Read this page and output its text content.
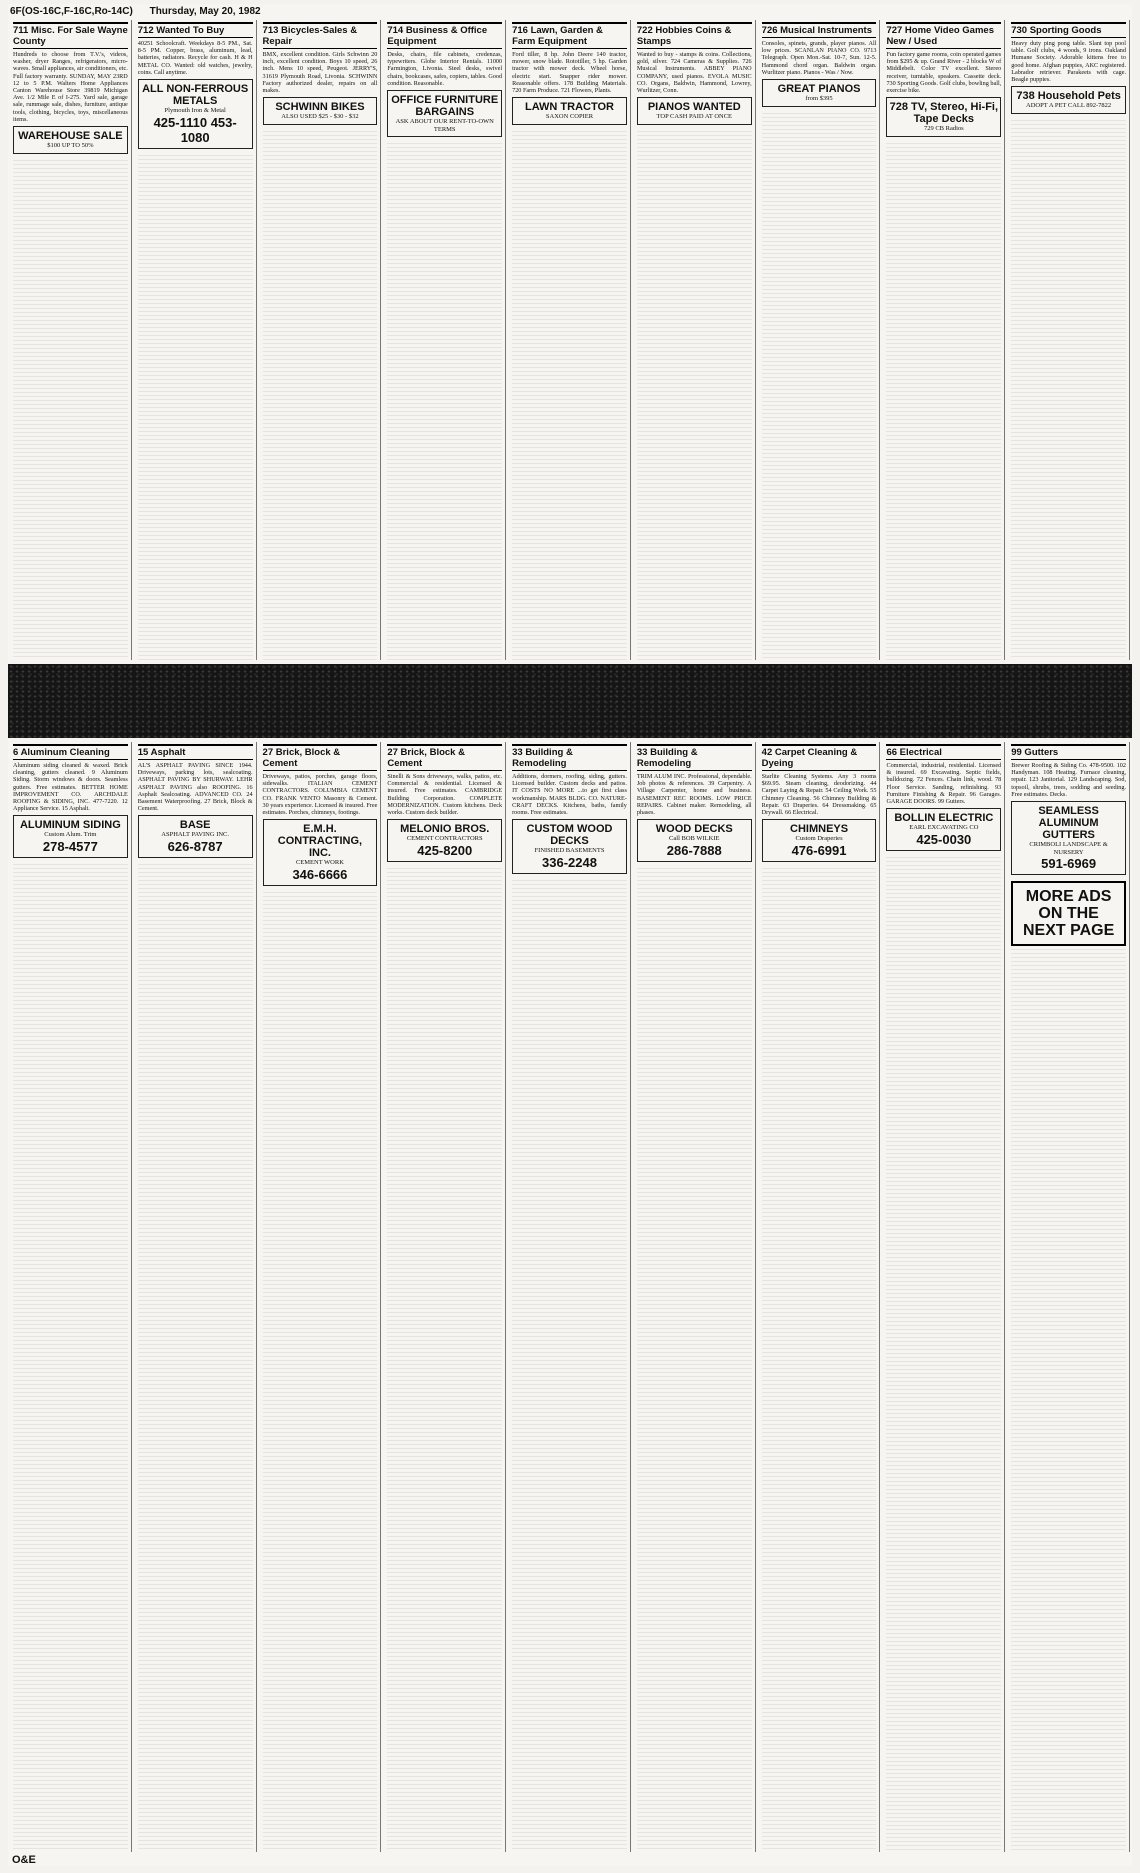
6F(OS-16C,F-16C,Ro-14C) Thursday, May 20, 1982
711 Misc. For Sale Wayne County
Hundreds to choose from T.V.'s, videos, washer, dryer Ranges, refrigerators, micro-waves. Small appliances, air conditioners, etc. Full factory warranty. SUNDAY, MAY 23RD 12 to 5 P.M. Walters Home Appliances Canton Warehouse Store 39819 Michigan Ave. 1/2 Mile E of I-275. Yard sale, garage sale, rummage sale, dishes, furniture, antique tools, clothing, bicycles, toys, miscellaneous items.
WAREHOUSE SALE
$100 UP TO 50%
712 Wanted To Buy
40251 Schoolcraft. Weekdays 8-5 PM., Sat. 8-5 PM. Copper, brass, aluminum, lead, batteries, radiators. Recycle for cash. H & H METAL CO. Wanted: old watches, jewelry, coins. Call anytime.
ALL NON-FERROUS METALS
Plymouth Iron & Metal
425-1110 453-1080
713 Bicycles-Sales & Repair
BMX, excellent condition. Girls Schwinn 20 inch, excellent condition. Boys 10 speed, 26 inch. Mens 10 speed, Peugeot. JERRY'S, 31619 Plymouth Road, Livonia. SCHWINN Factory authorized dealer, repairs on all makes.
SCHWINN BIKES
ALSO USED $25 - $30 - $32
714 Business & Office Equipment
Desks, chairs, file cabinets, credenzas, typewriters. Globe Interior Rentals. 11000 Farmington, Livonia. Steel desks, swivel chairs, bookcases, safes, copiers, tables. Good condition. Reasonable.
OFFICE FURNITURE BARGAINS
ASK ABOUT OUR RENT-TO-OWN TERMS
716 Lawn, Garden & Farm Equipment
Ford tiller, 8 hp. John Deere 140 tractor, mower, snow blade. Rototiller, 5 hp. Garden tractor with mower deck. Wheel horse, electric start. Snapper rider mower. Reasonable offers. 178 Building Materials. 720 Farm Produce. 721 Flowers, Plants.
LAWN TRACTOR
SAXON COPIER
722 Hobbies Coins & Stamps
Wanted to buy - stamps & coins. Collections, gold, silver. 724 Cameras & Supplies. 726 Musical Instruments. ABBEY PIANO COMPANY, used pianos. EVOLA MUSIC CO. Organs, Baldwin, Hammond, Lowrey, Wurlitzer, Conn.
PIANOS WANTED
TOP CASH PAID AT ONCE
726 Musical Instruments
Consoles, spinets, grands, player pianos. All low prices. SCANLAN PIANO CO. 9713 Telegraph. Open Mon.-Sat. 10-7, Sun. 12-5. Hammond chord organ. Baldwin organ. Wurlitzer piano. Pianos - Was / Now.
GREAT PIANOS
from $395
727 Home Video Games New / Used
Fun factory game rooms, coin operated games from $295 & up. Grand River - 2 blocks W of Middlebelt. Color TV excellent. Stereo receiver, turntable, speakers. Cassette deck. 730 Sporting Goods. Golf clubs, bowling ball, exercise bike.
728 TV, Stereo, Hi-Fi, Tape Decks
729 CB Radios
730 Sporting Goods
Heavy duty ping pong table. Slant top pool table. Golf clubs, 4 woods, 9 irons. Oakland Humane Society. Adorable kittens free to good home. Afghan puppies, AKC registered. Labrador retriever. Parakeets with cage. Beagle puppies.
738 Household Pets
ADOPT A PET CALL 892-7822
6 Aluminum Cleaning
Aluminum siding cleaned & waxed. Brick cleaning, gutters cleaned. 9 Aluminum Siding. Storm windows & doors. Seamless gutters. Free estimates. BETTER HOME IMPROVEMENT CO. ARCHDALE ROOFING & SIDING, INC. 477-7220. 12 Appliance Service. 15 Asphalt.
ALUMINUM SIDING
Custom Alum. Trim
278-4577
15 Asphalt
AL'S ASPHALT PAVING SINCE 1944. Driveways, parking lots, sealcoating. ASPHALT PAVING BY SHURWAY. LEHR ASPHALT PAVING also ROOFING. 16 Asphalt Sealcoating. ADVANCED CO. 24 Basement Waterproofing. 27 Brick, Block & Cement.
BASE
ASPHALT PAVING INC.
626-8787
27 Brick, Block & Cement
Driveways, patios, porches, garage floors, sidewalks. ITALIAN CEMENT CONTRACTORS. COLUMBIA CEMENT CO. FRANK VENTO Masonry & Cement. 30 years experience. Licensed & insured. Free estimates. Porches, chimneys, footings.
E.M.H. CONTRACTING, INC.
CEMENT WORK
346-6666
27 Brick, Block & Cement
Sinelli & Sons driveways, walks, patios, etc. Commercial & residential. Licensed & insured. Free estimates. CAMBRIDGE Building Corporation. COMPLETE MODERNIZATION. Custom kitchens. Deck works. Custom deck builder.
MELONIO BROS.
CEMENT CONTRACTORS
425-8200
33 Building & Remodeling
Additions, dormers, roofing, siding, gutters. Licensed builder. Custom decks and patios. IT COSTS NO MORE ...to get first class workmanship. MARS BLDG. CO. NATURE-CRAFT DECKS. Kitchens, baths, family rooms. Free estimates.
CUSTOM WOOD DECKS
FINISHED BASEMENTS
336-2248
33 Building & Remodeling
TRIM ALUM INC. Professional, dependable. Job photos & references. 39 Carpentry. A Village Carpenter, home and business. BASEMENT REC ROOMS. LOW PRICE REPAIRS. Cabinet maker. Remodeling, all phases.
WOOD DECKS
Call BOB WILKIE
286-7888
42 Carpet Cleaning & Dyeing
Starlite Cleaning Systems. Any 3 rooms $69.95. Steam cleaning, deodorizing. 44 Carpet Laying & Repair. 54 Ceiling Work. 55 Chimney Cleaning. 56 Chimney Building & Repair. 63 Draperies. 64 Dressmaking. 65 Drywall. 66 Electrical.
CHIMNEYS
Custom Draperies
476-6991
66 Electrical
Commercial, industrial, residential. Licensed & insured. 69 Excavating. Septic fields, bulldozing. 72 Fences. Chain link, wood. 78 Floor Service. Sanding, refinishing. 93 Furniture Finishing & Repair. 96 Garages. GARAGE DOORS. 99 Gutters.
BOLLIN ELECTRIC
EARL EXCAVATING CO
425-0030
99 Gutters
Brewer Roofing & Siding Co. 478-9500. 102 Handyman. 108 Heating. Furnace cleaning, repair. 123 Janitorial. 129 Landscaping. Sod, topsoil, shrubs, trees, sodding and seeding. Free estimates. Decks.
SEAMLESS ALUMINUM GUTTERS
CRIMBOLI LANDSCAPE & NURSERY
591-6969
MORE ADS ON THE NEXT PAGE
O&E
